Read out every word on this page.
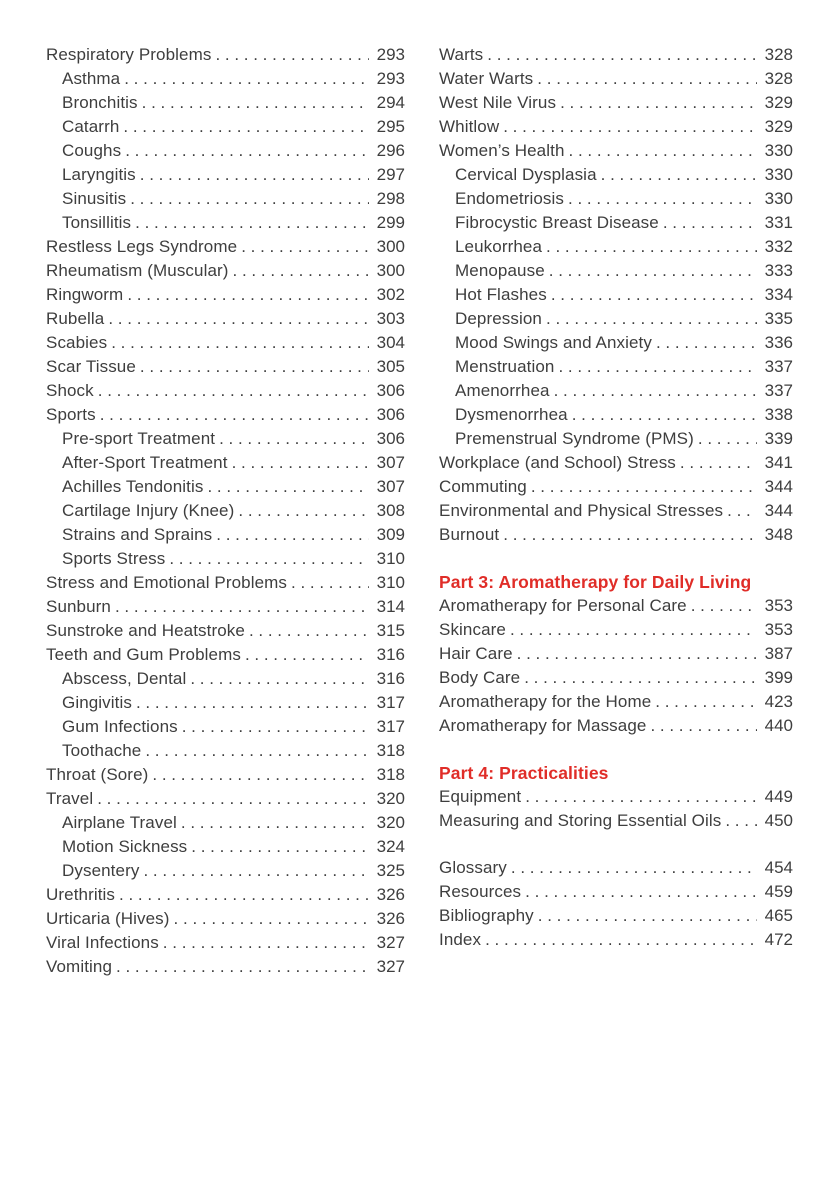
Respiratory Problems . . .	293
Asthma . . .	293
Bronchitis . . .	294
Catarrh . . .	295
Coughs . . .	296
Laryngitis . . .	297
Sinusitis . . .	298
Tonsillitis . . .	299
Restless Legs Syndrome . . .	300
Rheumatism (Muscular) . . .	300
Ringworm . . .	302
Rubella . . .	303
Scabies . . .	304
Scar Tissue . . .	305
Shock . . .	306
Sports . . .	306
Pre-sport Treatment . . .	306
After-Sport Treatment . . .	307
Achilles Tendonitis . . .	307
Cartilage Injury (Knee) . . .	308
Strains and Sprains . . .	309
Sports Stress . . .	310
Stress and Emotional Problems . . .	310
Sunburn . . .	314
Sunstroke and Heatstroke . . .	315
Teeth and Gum Problems . . .	316
Abscess, Dental . . .	316
Gingivitis . . .	317
Gum Infections . . .	317
Toothache . . .	318
Throat (Sore) . . .	318
Travel . . .	320
Airplane Travel . . .	320
Motion Sickness . . .	324
Dysentery . . .	325
Urethritis . . .	326
Urticaria (Hives) . . .	326
Viral Infections . . .	327
Vomiting . . .	327
Warts . . .	328
Water Warts . . .	328
West Nile Virus . . .	329
Whitlow . . .	329
Women’s Health . . .	330
Cervical Dysplasia . . .	330
Endometriosis . . .	330
Fibrocystic Breast Disease . . .	331
Leukorrhea . . .	332
Menopause . . .	333
Hot Flashes . . .	334
Depression . . .	335
Mood Swings and Anxiety . . .	336
Menstruation . . .	337
Amenorrhea . . .	337
Dysmenorrhea . . .	338
Premenstrual Syndrome (PMS) . . .	339
Workplace (and School) Stress . . .	341
Commuting . . .	344
Environmental and Physical Stresses . . . 344
Burnout . . .	348
Part 3: Aromatherapy for Daily Living
Aromatherapy for Personal Care . . .	353
Skincare . . .	353
Hair Care . . .	387
Body Care . . .	399
Aromatherapy for the Home . . .	423
Aromatherapy for Massage . . .	440
Part 4: Practicalities
Equipment . . .	449
Measuring and Storing Essential Oils . . .	450
Glossary . . .	454
Resources . . .	459
Bibliography . . .	465
Index . . .	472
